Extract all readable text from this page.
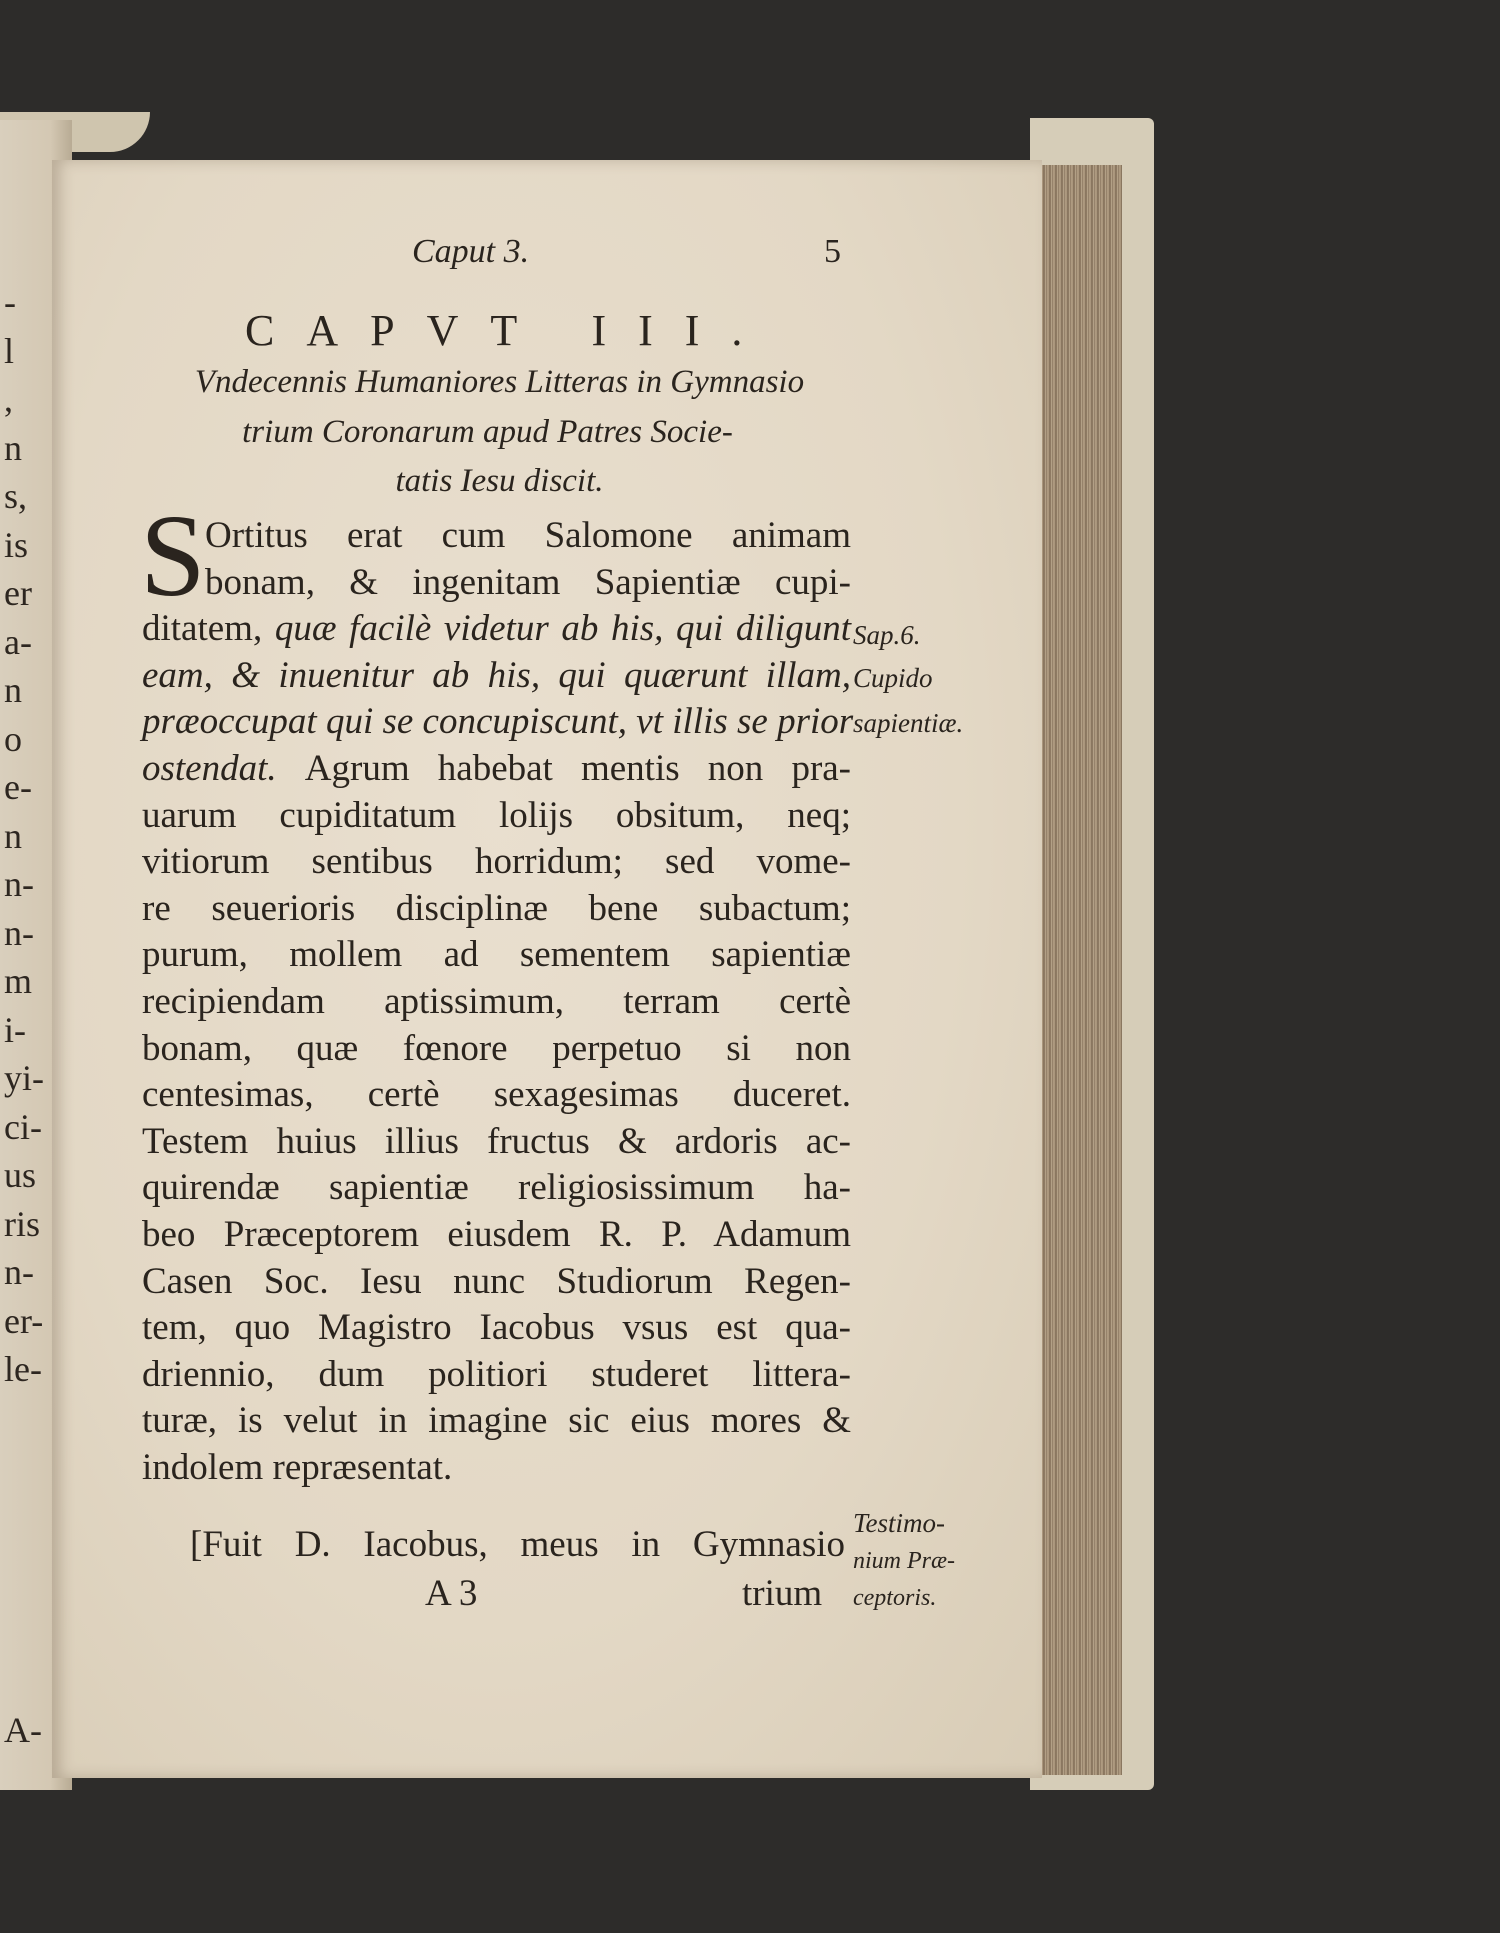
-
l
,
n
s,
is
er
a-
n
o
e-
n
n-
n-
m
i-
yi-
ci-
us
ris
n-
er-
le-
A-
Caput 3.	5
CAPVT III.
Vndecennis Humaniores Litteras in Gymnasio
trium Coronarum apud Patres Socie-
tatis Iesu discit.
S Ortitus erat cum Salomone animam
bonam, & ingenitam Sapientiæ cupi-
ditatem, quæ facilè videtur ab his, qui diligunt
eam, & inuenitur ab his, qui quærunt illam,
præoccupat qui se concupiscunt, vt illis se prior
ostendat. Agrum habebat mentis non pra-
uarum cupiditatum lolijs obsitum, neq;
vitiorum sentibus horridum; sed vome-
re seuerioris disciplinæ bene subactum;
purum, mollem ad sementem sapientiæ
recipiendam aptissimum, terram certè
bonam, quæ fœnore perpetuo si non
centesimas, certè sexagesimas duceret.
Testem huius illius fructus & ardoris ac-
quirendæ sapientiæ religiosissimum ha-
beo Præceptorem eiusdem R. P. Adamum
Casen Soc. Iesu nunc Studiorum Regen-
tem, quo Magistro Iacobus vsus est qua-
driennio, dum politiori studeret littera-
turæ, is velut in imagine sic eius mores &
indolem repræsentat.
[Fuit D. Iacobus, meus in Gymnasio
A 3	trium
Sap.6.
Cupido
sapientiæ.
Testimo-
nium Præ-
ceptoris.
